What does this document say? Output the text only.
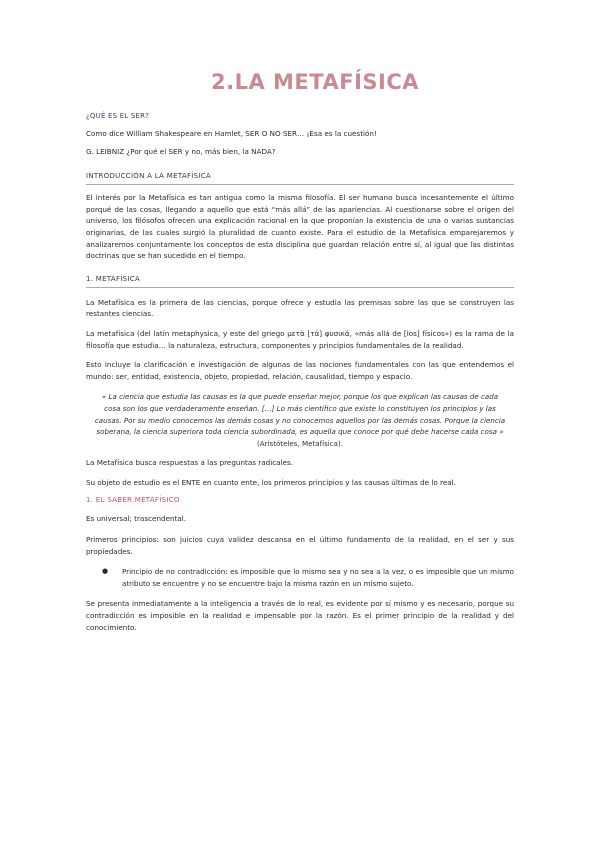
2.LA METAFÍSICA
¿QUÉ ES EL SER?

Como dice William Shakespeare en Hamlet, SER O NO SER… ¡Esa es la cuestión!

G. LEIBNIZ ¿Por qué el SER y no, más bien, la NADA?

INTRODUCCIÓN A LA METAFÍSICA

El interés por la Metafísica es tan antigua como la misma filosofía. El ser humano busca incesantemente el último porqué de las cosas, llegando a aquello que está “más allá” de las apariencias. Al cuestionarse sobre el origen del universo, los filósofos ofrecen una explicación racional en la que proponían la existencia de una o varias sustancias originarias, de las cuales surgió la pluralidad de cuanto existe. Para el estudio de la Metafísica emparejaremos y analizaremos conjuntamente los conceptos de esta disciplina que guardan relación entre sí, al igual que las distintas doctrinas que se han sucedido en el tiempo.

1. METAFÍSICA

La Metafísica es la primera de las ciencias, porque ofrece y estudia las premisas sobre las que se construyen las restantes ciencias.

La metafísica (del latín metaphysica, y este del griego μετὰ [τὰ] φυσικά, «más allá de [los] físicos») es la rama de la filosofía que estudia… la naturaleza, estructura, componentes y principios fundamentales de la realidad.

Esto incluye la clarificación e investigación de algunas de las nociones fundamentales con las que entendemos el mundo: ser, entidad, existencia, objeto, propiedad, relación, causalidad, tiempo y espacio.

« La ciencia que estudia las causas es la que puede enseñar mejor, porque los que explican las causas de cada cosa son los que verdaderamente enseñan. […] Lo más científico que existe lo constituyen los principios y las causas. Por su medio conocemos las demás cosas y no conocemos aquellos por las demás cosas. Porque la ciencia soberana, la ciencia superiora toda ciencia subordinada, es aquella que conoce por qué debe hacerse cada cosa »
(Aristóteles, Metafísica).

La Metafísica busca respuestas a las preguntas radicales.

Su objeto de estudio es el ENTE en cuanto ente, los primeros principios y las causas últimas de lo real.

1. EL SABER METAFÍSICO

Es universal; trascendental.

Primeros principios: son juicios cuya validez descansa en el último fundamento de la realidad, en el ser y sus propiedades.

●	Principio de no contradicción: es imposible que lo mismo sea y no sea a la vez, o es imposible que un mismo atributo se encuentre y no se encuentre bajo la misma razón en un mismo sujeto.

Se presenta inmediatamente a la inteligencia a través de lo real, es evidente por sí mismo y es necesario, porque su contradicción es imposible en la realidad e impensable por la razón. Es el primer principio de la realidad y del conocimiento.
